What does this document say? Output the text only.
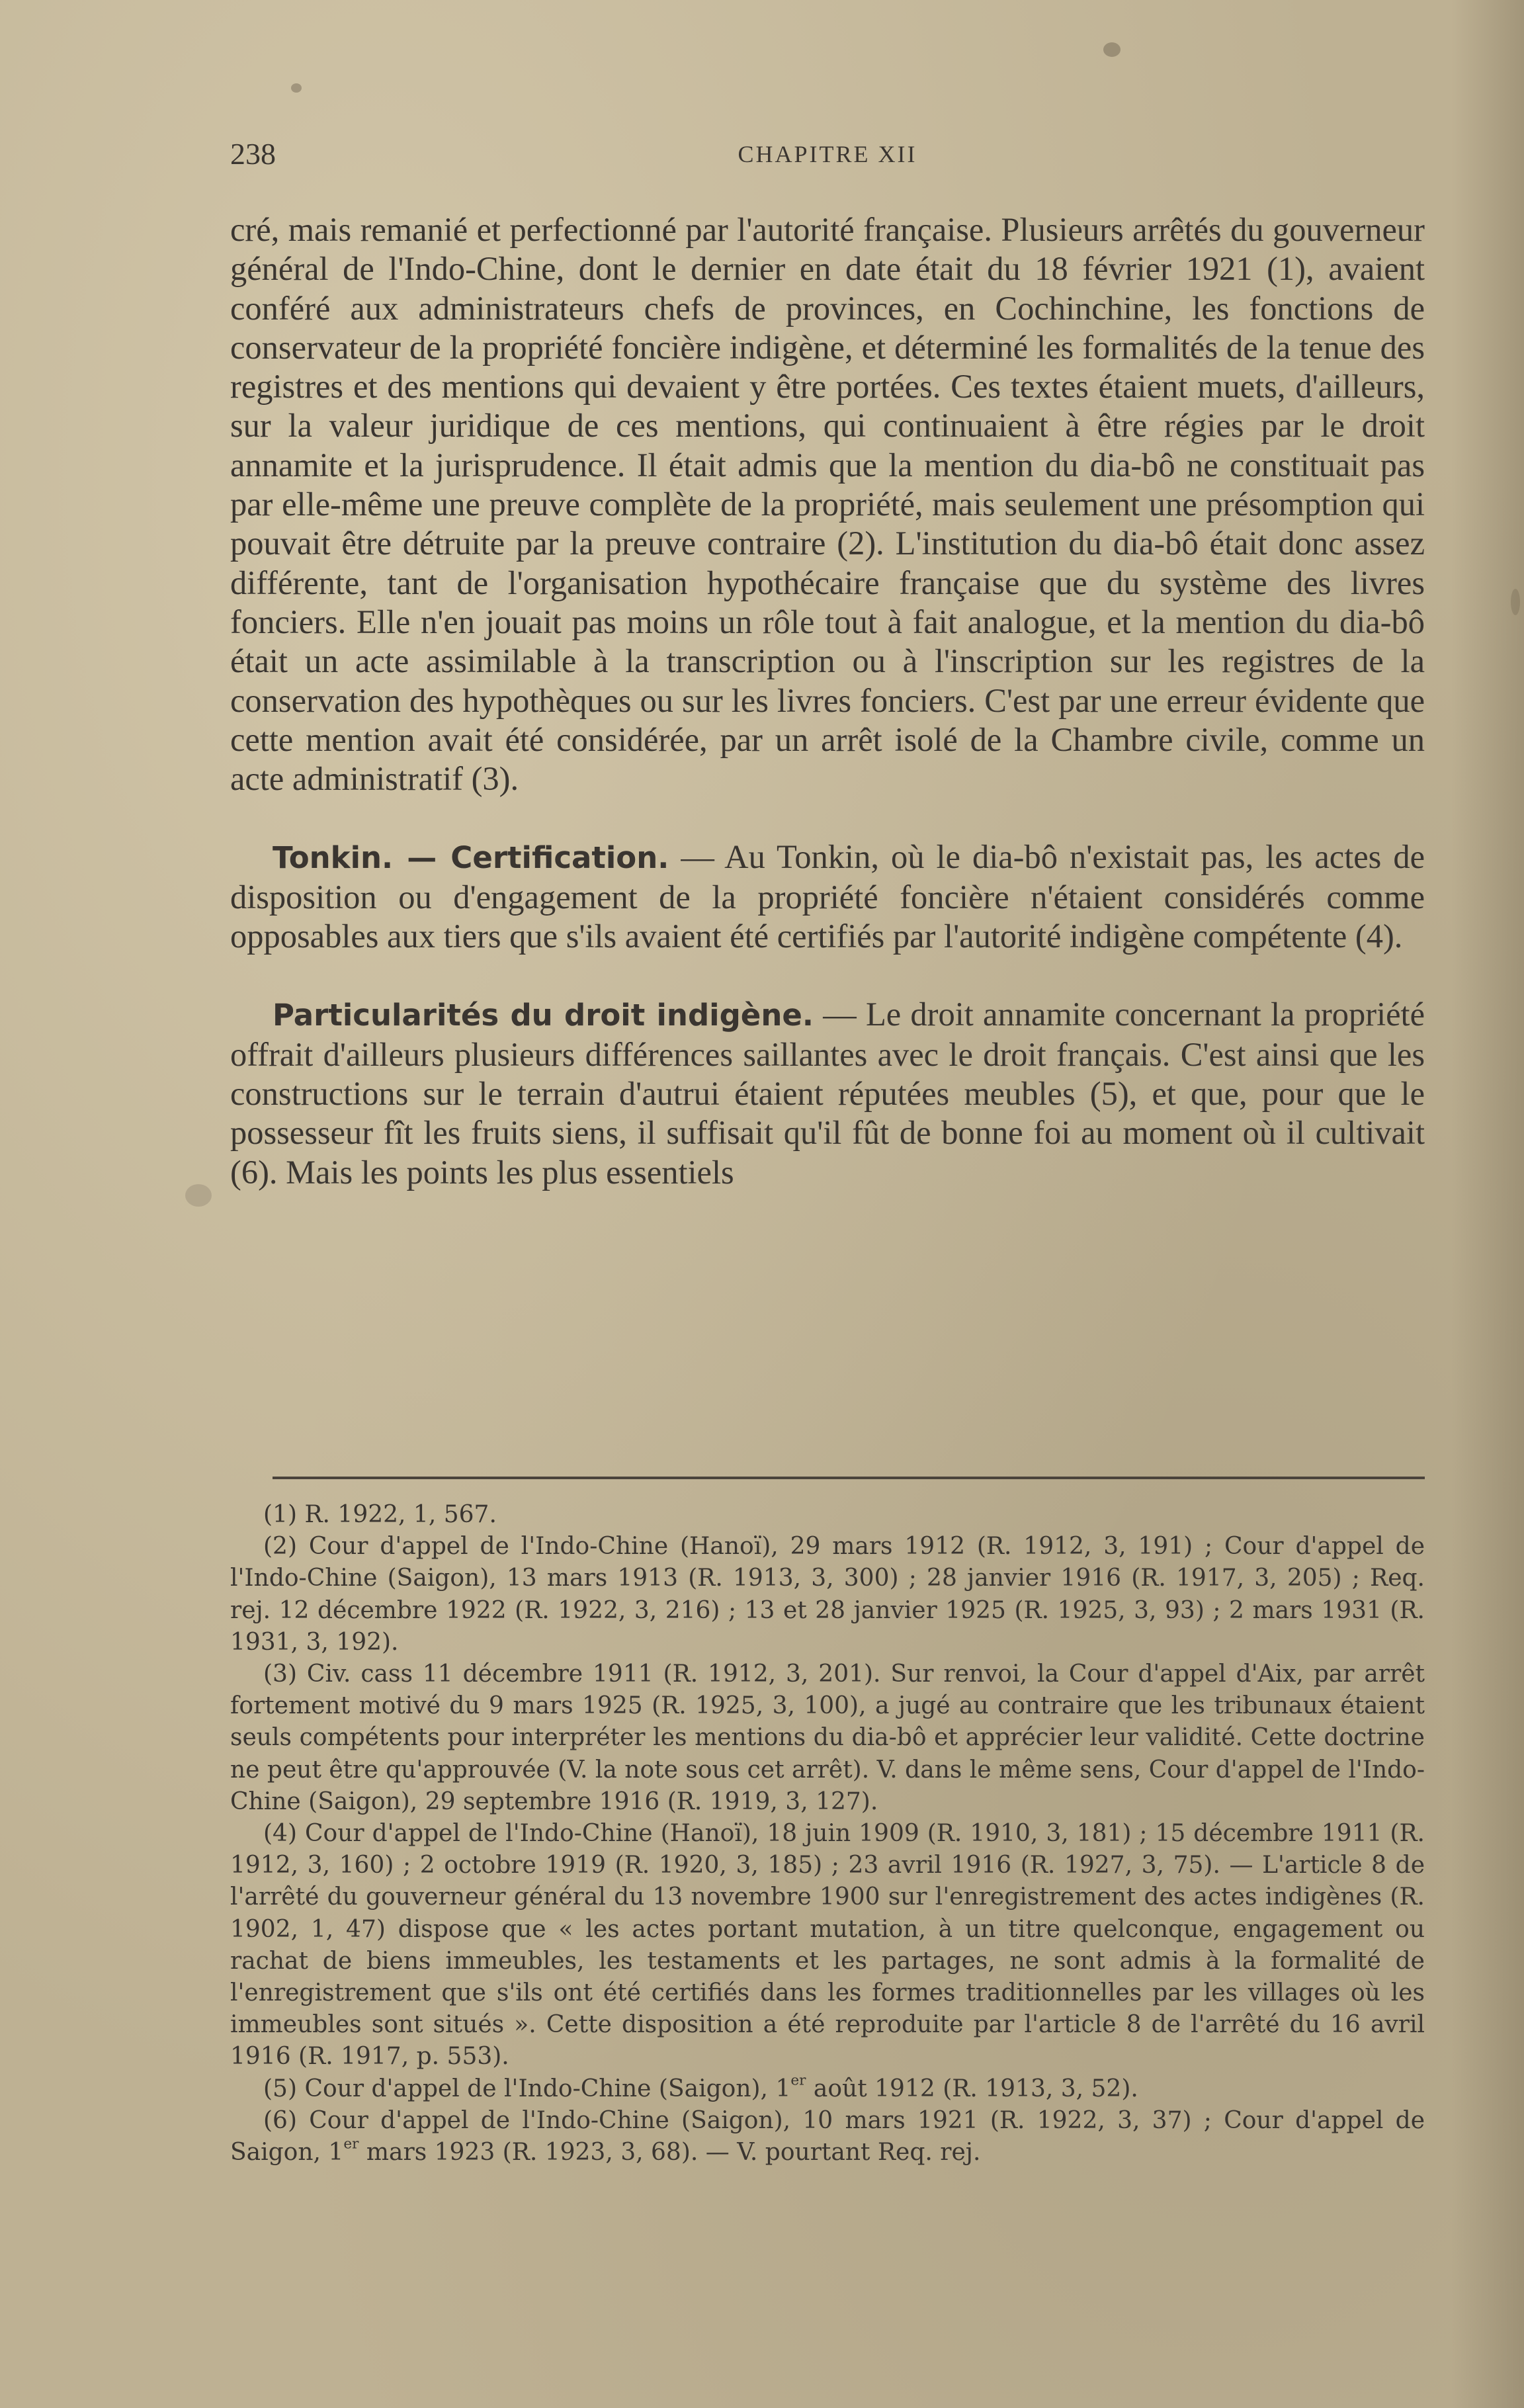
238	CHAPITRE XII

cré, mais remanié et perfectionné par l'autorité française. Plusieurs arrêtés du gouverneur général de l'Indo-Chine, dont le dernier en date était du 18 février 1921 (1), avaient conféré aux administrateurs chefs de provinces, en Cochinchine, les fonctions de conservateur de la propriété foncière indigène, et déterminé les formalités de la tenue des registres et des mentions qui devaient y être portées. Ces textes étaient muets, d'ailleurs, sur la valeur juridique de ces mentions, qui continuaient à être régies par le droit annamite et la jurisprudence. Il était admis que la mention du dia-bô ne constituait pas par elle-même une preuve complète de la propriété, mais seulement une présomption qui pouvait être détruite par la preuve contraire (2). L'institution du dia-bô était donc assez différente, tant de l'organisation hypothécaire française que du système des livres fonciers. Elle n'en jouait pas moins un rôle tout à fait analogue, et la mention du dia-bô était un acte assimilable à la transcription ou à l'inscription sur les registres de la conservation des hypothèques ou sur les livres fonciers. C'est par une erreur évidente que cette mention avait été considérée, par un arrêt isolé de la Chambre civile, comme un acte administratif (3).

Tonkin. — Certification. — Au Tonkin, où le dia-bô n'existait pas, les actes de disposition ou d'engagement de la propriété foncière n'étaient considérés comme opposables aux tiers que s'ils avaient été certifiés par l'autorité indigène compétente (4).

Particularités du droit indigène. — Le droit annamite concernant la propriété offrait d'ailleurs plusieurs différences saillantes avec le droit français. C'est ainsi que les constructions sur le terrain d'autrui étaient réputées meubles (5), et que, pour que le possesseur fît les fruits siens, il suffisait qu'il fût de bonne foi au moment où il cultivait (6). Mais les points les plus essentiels

(1) R. 1922, 1, 567.

(2) Cour d'appel de l'Indo-Chine (Hanoï), 29 mars 1912 (R. 1912, 3, 191) ; Cour d'appel de l'Indo-Chine (Saigon), 13 mars 1913 (R. 1913, 3, 300) ; 28 janvier 1916 (R. 1917, 3, 205) ; Req. rej. 12 décembre 1922 (R. 1922, 3, 216) ; 13 et 28 janvier 1925 (R. 1925, 3, 93) ; 2 mars 1931 (R. 1931, 3, 192).

(3) Civ. cass 11 décembre 1911 (R. 1912, 3, 201). Sur renvoi, la Cour d'appel d'Aix, par arrêt fortement motivé du 9 mars 1925 (R. 1925, 3, 100), a jugé au contraire que les tribunaux étaient seuls compétents pour interpréter les mentions du dia-bô et apprécier leur validité. Cette doctrine ne peut être qu'approuvée (V. la note sous cet arrêt). V. dans le même sens, Cour d'appel de l'Indo-Chine (Saigon), 29 septembre 1916 (R. 1919, 3, 127).

(4) Cour d'appel de l'Indo-Chine (Hanoï), 18 juin 1909 (R. 1910, 3, 181) ; 15 décembre 1911 (R. 1912, 3, 160) ; 2 octobre 1919 (R. 1920, 3, 185) ; 23 avril 1916 (R. 1927, 3, 75). — L'article 8 de l'arrêté du gouverneur général du 13 novembre 1900 sur l'enregistrement des actes indigènes (R. 1902, 1, 47) dispose que « les actes portant mutation, à un titre quelconque, engagement ou rachat de biens immeubles, les testaments et les partages, ne sont admis à la formalité de l'enregistrement que s'ils ont été certifiés dans les formes traditionnelles par les villages où les immeubles sont situés ». Cette disposition a été reproduite par l'article 8 de l'arrêté du 16 avril 1916 (R. 1917, p. 553).

(5) Cour d'appel de l'Indo-Chine (Saigon), 1er août 1912 (R. 1913, 3, 52).

(6) Cour d'appel de l'Indo-Chine (Saigon), 10 mars 1921 (R. 1922, 3, 37) ; Cour d'appel de Saigon, 1er mars 1923 (R. 1923, 3, 68). — V. pourtant Req. rej.
